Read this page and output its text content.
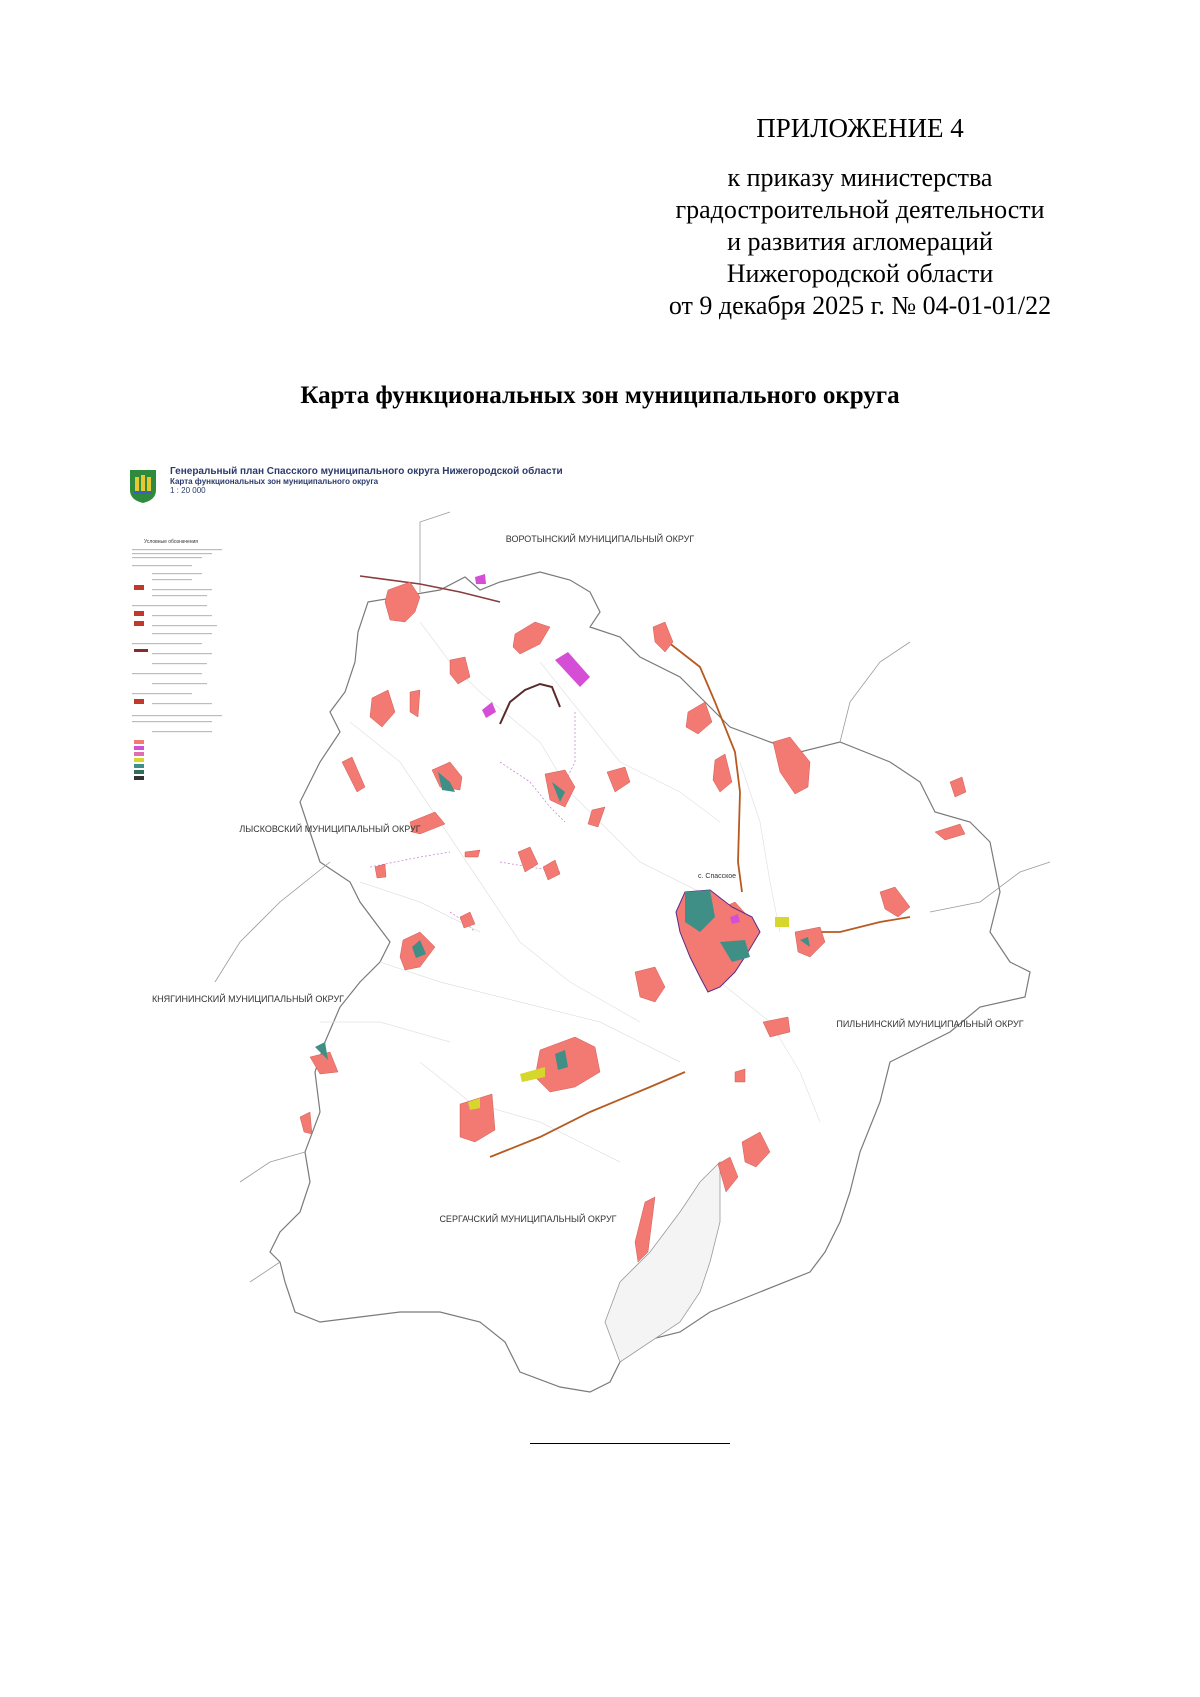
ПРИЛОЖЕНИЕ 4
к приказу министерства
градостроительной деятельности
и развития агломераций
Нижегородской области
от 9 декабря 2025 г. № 04-01-01/22
Карта функциональных зон муниципального округа
Генеральный план Спасского муниципального округа Нижегородской области
Карта функциональных зон муниципального округа
1 : 20 000
Условные обозначения	ВОРОТЫНСКИЙ МУНИЦИПАЛЬНЫЙ ОКРУГ
ЛЫСКОВСКИЙ МУНИЦИПАЛЬНЫЙ ОКРУГ
КНЯГИНИНСКИЙ МУНИЦИПАЛЬНЫЙ ОКРУГ
ПИЛЬНИНСКИЙ МУНИЦИПАЛЬНЫЙ ОКРУГ
СЕРГАЧСКИЙ МУНИЦИПАЛЬНЫЙ ОКРУГ
с. Спасское
